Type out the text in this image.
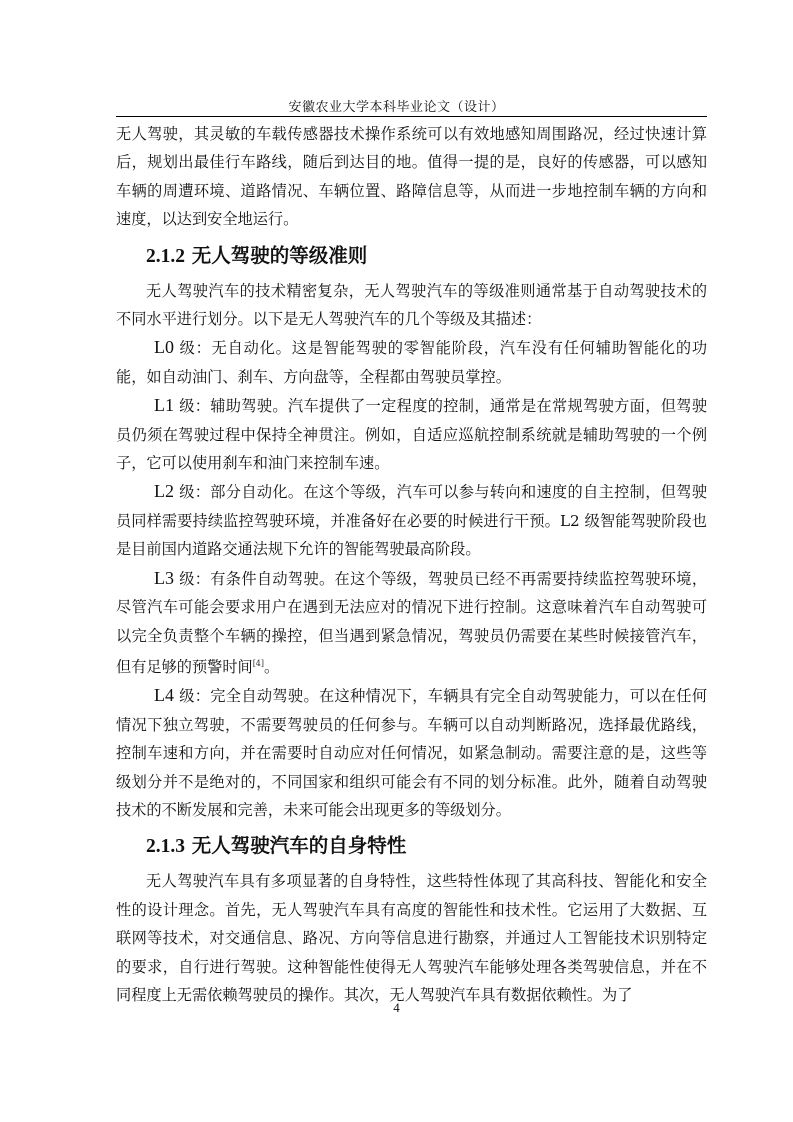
安徽农业大学本科毕业论文（设计）

无人驾驶，其灵敏的车载传感器技术操作系统可以有效地感知周围路况，经过快速计算后，规划出最佳行车路线，随后到达目的地。值得一提的是，良好的传感器，可以感知车辆的周遭环境、道路情况、车辆位置、路障信息等，从而进一步地控制车辆的方向和速度，以达到安全地运行。

2.1.2 无人驾驶的等级准则

无人驾驶汽车的技术精密复杂，无人驾驶汽车的等级准则通常基于自动驾驶技术的不同水平进行划分。以下是无人驾驶汽车的几个等级及其描述：

L0 级：无自动化。这是智能驾驶的零智能阶段，汽车没有任何辅助智能化的功能，如自动油门、刹车、方向盘等，全程都由驾驶员掌控。

L1 级：辅助驾驶。汽车提供了一定程度的控制，通常是在常规驾驶方面，但驾驶员仍须在驾驶过程中保持全神贯注。例如，自适应巡航控制系统就是辅助驾驶的一个例子，它可以使用刹车和油门来控制车速。

L2 级：部分自动化。在这个等级，汽车可以参与转向和速度的自主控制，但驾驶员同样需要持续监控驾驶环境，并准备好在必要的时候进行干预。L2 级智能驾驶阶段也是目前国内道路交通法规下允许的智能驾驶最高阶段。

L3 级：有条件自动驾驶。在这个等级，驾驶员已经不再需要持续监控驾驶环境，尽管汽车可能会要求用户在遇到无法应对的情况下进行控制。这意味着汽车自动驾驶可以完全负责整个车辆的操控，但当遇到紧急情况，驾驶员仍需要在某些时候接管汽车，但有足够的预警时间[4]。

L4 级：完全自动驾驶。在这种情况下，车辆具有完全自动驾驶能力，可以在任何情况下独立驾驶，不需要驾驶员的任何参与。车辆可以自动判断路况，选择最优路线，控制车速和方向，并在需要时自动应对任何情况，如紧急制动。需要注意的是，这些等级划分并不是绝对的，不同国家和组织可能会有不同的划分标准。此外，随着自动驾驶技术的不断发展和完善，未来可能会出现更多的等级划分。

2.1.3 无人驾驶汽车的自身特性

无人驾驶汽车具有多项显著的自身特性，这些特性体现了其高科技、智能化和安全性的设计理念。首先，无人驾驶汽车具有高度的智能性和技术性。它运用了大数据、互联网等技术，对交通信息、路况、方向等信息进行勘察，并通过人工智能技术识别特定的要求，自行进行驾驶。这种智能性使得无人驾驶汽车能够处理各类驾驶信息，并在不同程度上无需依赖驾驶员的操作。其次，无人驾驶汽车具有数据依赖性。为了

4
